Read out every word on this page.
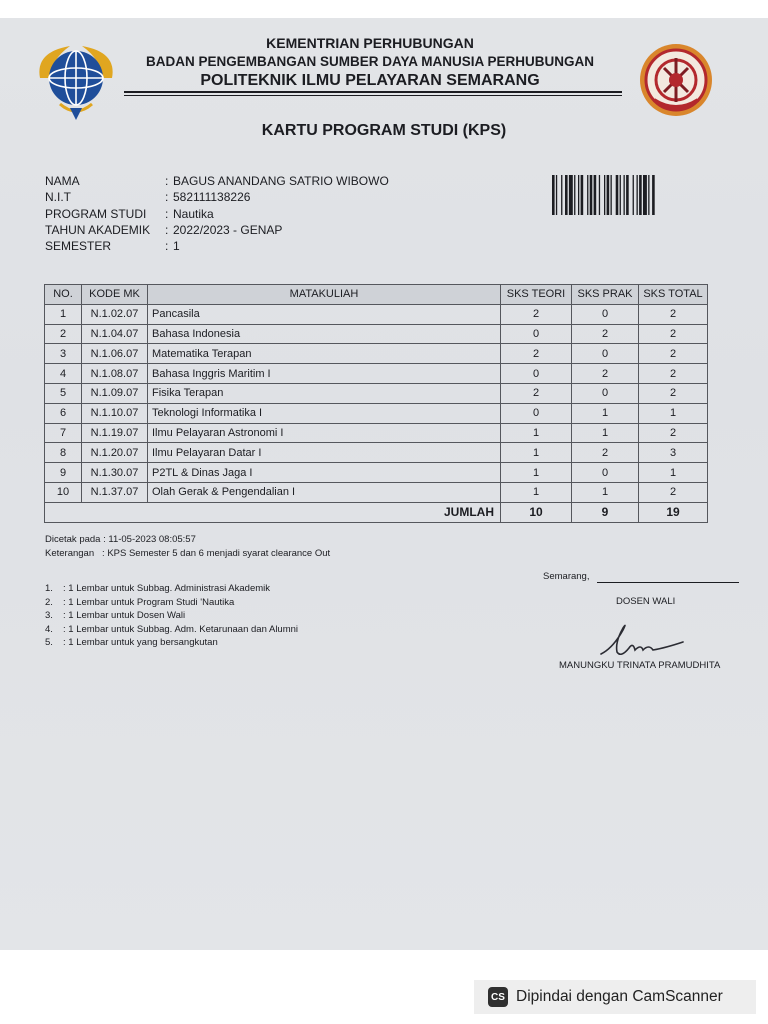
KEMENTRIAN PERHUBUNGAN
BADAN PENGEMBANGAN SUMBER DAYA MANUSIA PERHUBUNGAN
POLITEKNIK ILMU PELAYARAN SEMARANG
KARTU PROGRAM STUDI (KPS)
NAMA	: BAGUS ANANDANG SATRIO WIBOWO
N.I.T	: 582111138226
PROGRAM STUDI : Nautika
TAHUN AKADEMIK : 2022/2023 - GENAP
SEMESTER	: 1
NO.	KODE MK	MATAKULIAH	SKS TEORI	SKS PRAK	SKS TOTAL
1	N.1.02.07	Pancasila	2	0	2
2	N.1.04.07	Bahasa Indonesia	0	2	2
3	N.1.06.07	Matematika Terapan	2	0	2
4	N.1.08.07	Bahasa Inggris Maritim I	0	2	2
5	N.1.09.07	Fisika Terapan	2	0	2
6	N.1.10.07	Teknologi Informatika I	0	1	1
7	N.1.19.07	Ilmu Pelayaran Astronomi I	1	1	2
8	N.1.20.07	Ilmu Pelayaran Datar I	1	2	3
9	N.1.30.07	P2TL & Dinas Jaga I	1	0	1
10	N.1.37.07	Olah Gerak & Pengendalian I	1	1	2
JUMLAH			10	9	19
Dicetak pada : 11-05-2023 08:05:57
Keterangan   : KPS Semester 5 dan 6 menjadi syarat clearance Out
1. : 1 Lembar untuk Subbag. Administrasi Akademik
2. : 1 Lembar untuk Program Studi 'Nautika
3. : 1 Lembar untuk Dosen Wali
4. : 1 Lembar untuk Subbag. Adm. Ketarunaan dan Alumni
5. : 1 Lembar untuk yang bersangkutan
Semarang,
DOSEN WALI
MANUNGKU TRINATA PRAMUDHITA
CS Dipindai dengan CamScanner
